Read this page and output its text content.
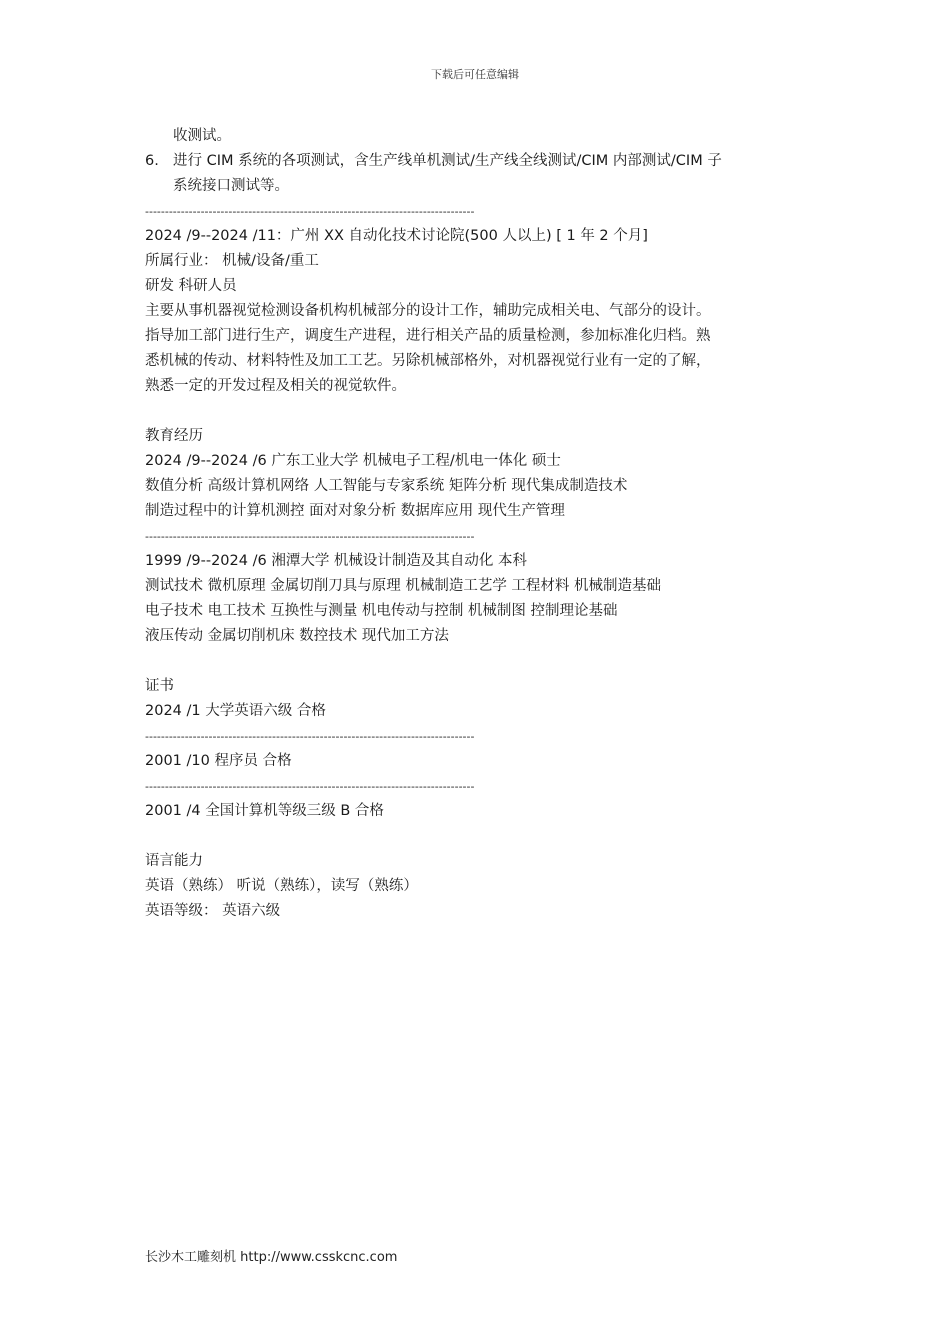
下载后可任意编辑
收测试。
6. 进行 CIM 系统的各项测试，含生产线单机测试/生产线全线测试/CIM 内部测试/CIM 子
系统接口测试等。
-----------------------------------------------------------------------------------
2024 /9--2024 /11：广州 XX 自动化技术讨论院(500 人以上) [ 1 年 2 个月]
所属行业： 机械/设备/重工
研发 科研人员
主要从事机器视觉检测设备机构机械部分的设计工作，辅助完成相关电、气部分的设计。
指导加工部门进行生产，调度生产进程，进行相关产品的质量检测，参加标准化归档。熟
悉机械的传动、材料特性及加工工艺。另除机械部格外，对机器视觉行业有一定的了解，
熟悉一定的开发过程及相关的视觉软件。
教育经历
2024 /9--2024 /6 广东工业大学 机械电子工程/机电一体化 硕士
数值分析 高级计算机网络 人工智能与专家系统 矩阵分析 现代集成制造技术
制造过程中的计算机测控 面对对象分析 数据库应用 现代生产管理
-----------------------------------------------------------------------------------
1999 /9--2024 /6 湘潭大学 机械设计制造及其自动化 本科
测试技术 微机原理 金属切削刀具与原理 机械制造工艺学 工程材料 机械制造基础
电子技术 电工技术 互换性与测量 机电传动与控制 机械制图 控制理论基础
液压传动 金属切削机床 数控技术 现代加工方法
证书
2024 /1 大学英语六级 合格
-----------------------------------------------------------------------------------
2001 /10 程序员 合格
-----------------------------------------------------------------------------------
2001 /4 全国计算机等级三级 B 合格
语言能力
英语（熟练） 听说（熟练），读写（熟练）
英语等级： 英语六级
长沙木工雕刻机 http://www.csskcnc.com
